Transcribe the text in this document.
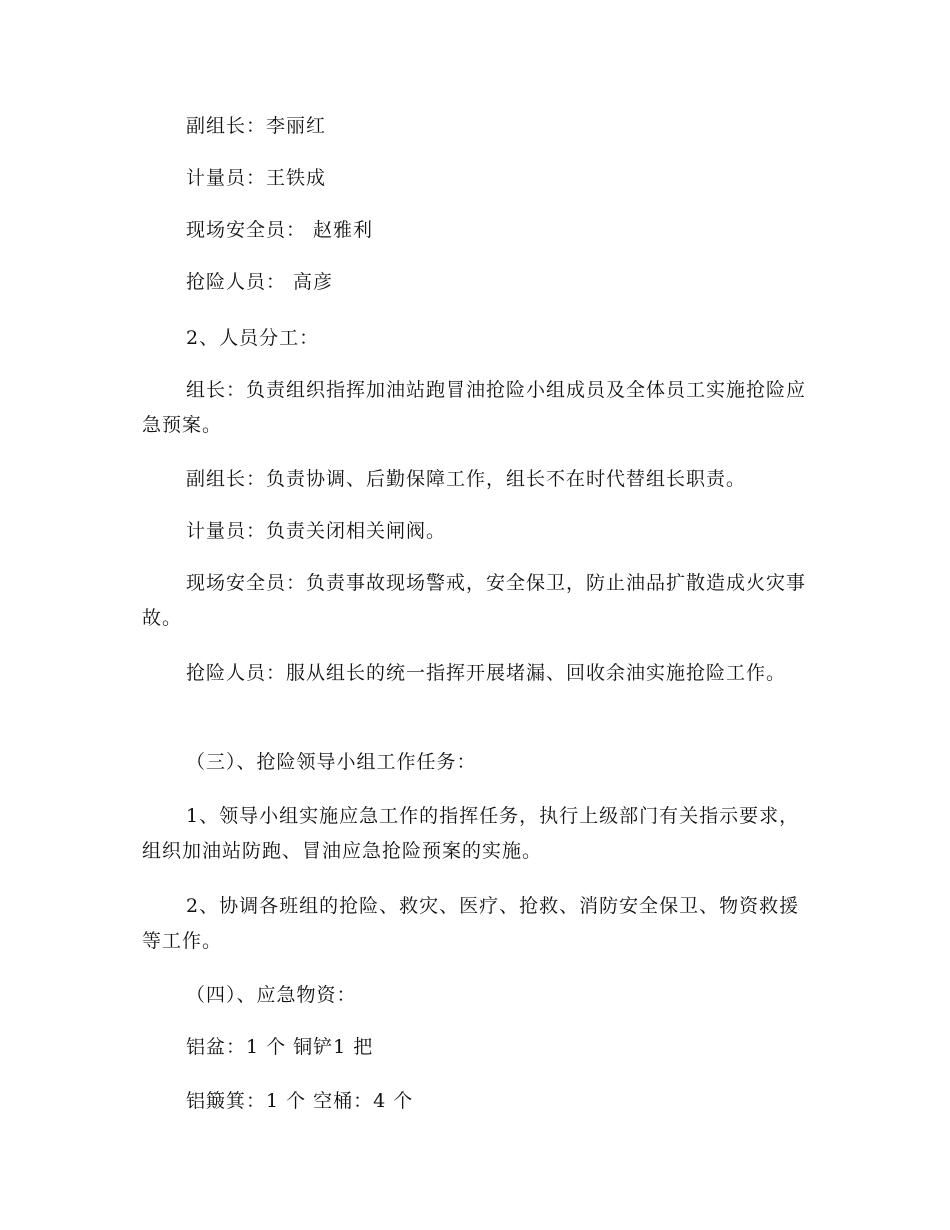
副组长：李丽红

计量员：王铁成

现场安全员： 赵雅利

抢险人员： 高彦

2、人员分工：

组长：负责组织指挥加油站跑冒油抢险小组成员及全体员工实施抢险应急预案。

副组长：负责协调、后勤保障工作，组长不在时代替组长职责。

计量员：负责关闭相关闸阀。

现场安全员：负责事故现场警戒，安全保卫，防止油品扩散造成火灾事故。

抢险人员：服从组长的统一指挥开展堵漏、回收余油实施抢险工作。

（三）、抢险领导小组工作任务：

1、领导小组实施应急工作的指挥任务，执行上级部门有关指示要求，组织加油站防跑、冒油应急抢险预案的实施。

2、协调各班组的抢险、救灾、医疗、抢救、消防安全保卫、物资救援等工作。

（四）、应急物资：

铝盆：1 个 铜铲1 把

铝簸箕：1 个 空桶：4 个
